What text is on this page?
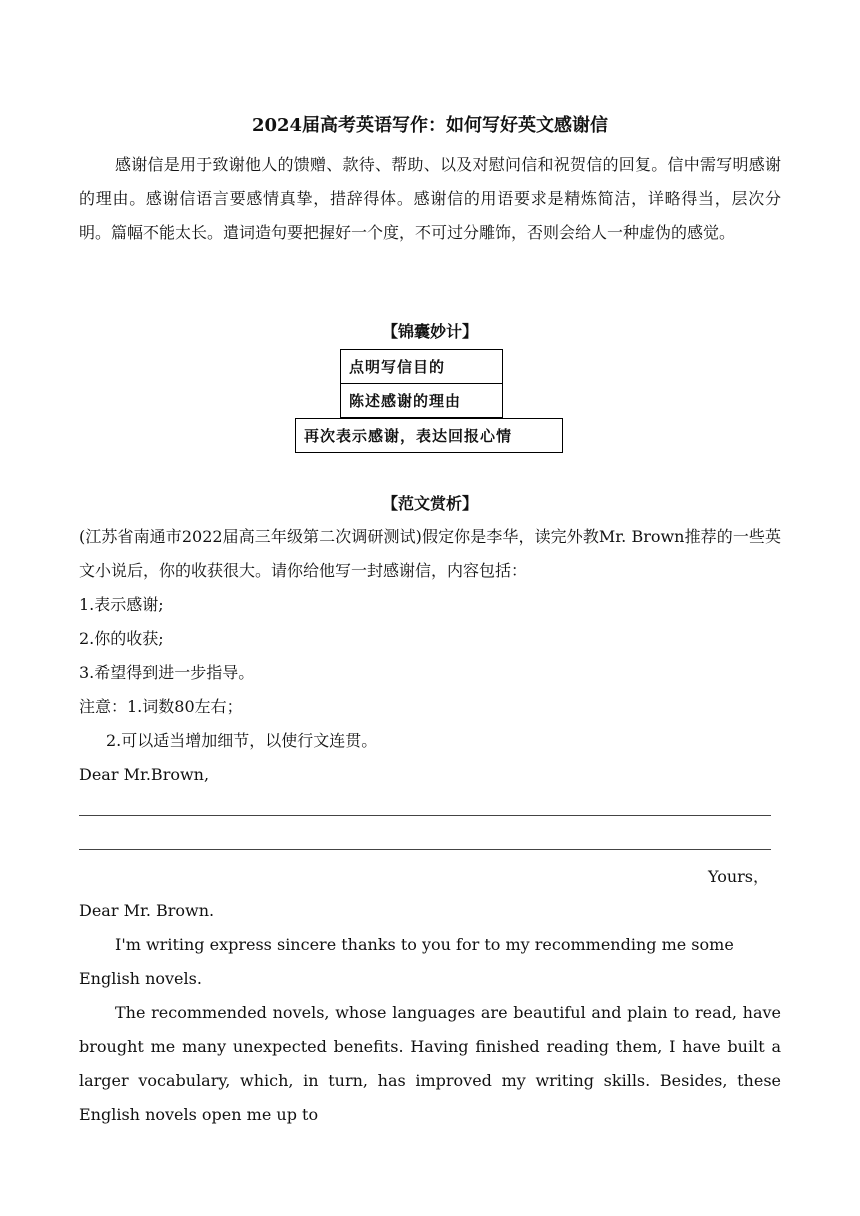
2024届高考英语写作：如何写好英文感谢信
感谢信是用于致谢他人的馈赠、款待、帮助、以及对慰问信和祝贺信的回复。信中需写明感谢的理由。感谢信语言要感情真挚，措辞得体。感谢信的用语要求是精炼简洁，详略得当，层次分明。篇幅不能太长。遣词造句要把握好一个度，不可过分雕饰，否则会给人一种虚伪的感觉。
【锦囊妙计】
点明写信目的
陈述感谢的理由
再次表示感谢，表达回报心情
【范文赏析】
(江苏省南通市2022届高三年级第二次调研测试)假定你是李华，读完外教Mr. Brown推荐的一些英文小说后，你的收获很大。请你给他写一封感谢信，内容包括：
1.表示感谢;
2.你的收获;
3.希望得到进一步指导。
注意：1.词数80左右；
2.可以适当增加细节，以使行文连贯。
Dear Mr.Brown,
Yours，
Dear Mr. Brown.
I'm writing express sincere thanks to you for to my recommending me some English novels.
The recommended novels, whose languages are beautiful and plain to read, have brought me many unexpected benefits. Having finished reading them, I have built a larger vocabulary, which, in turn, has improved my writing skills. Besides, these English novels open me up to
